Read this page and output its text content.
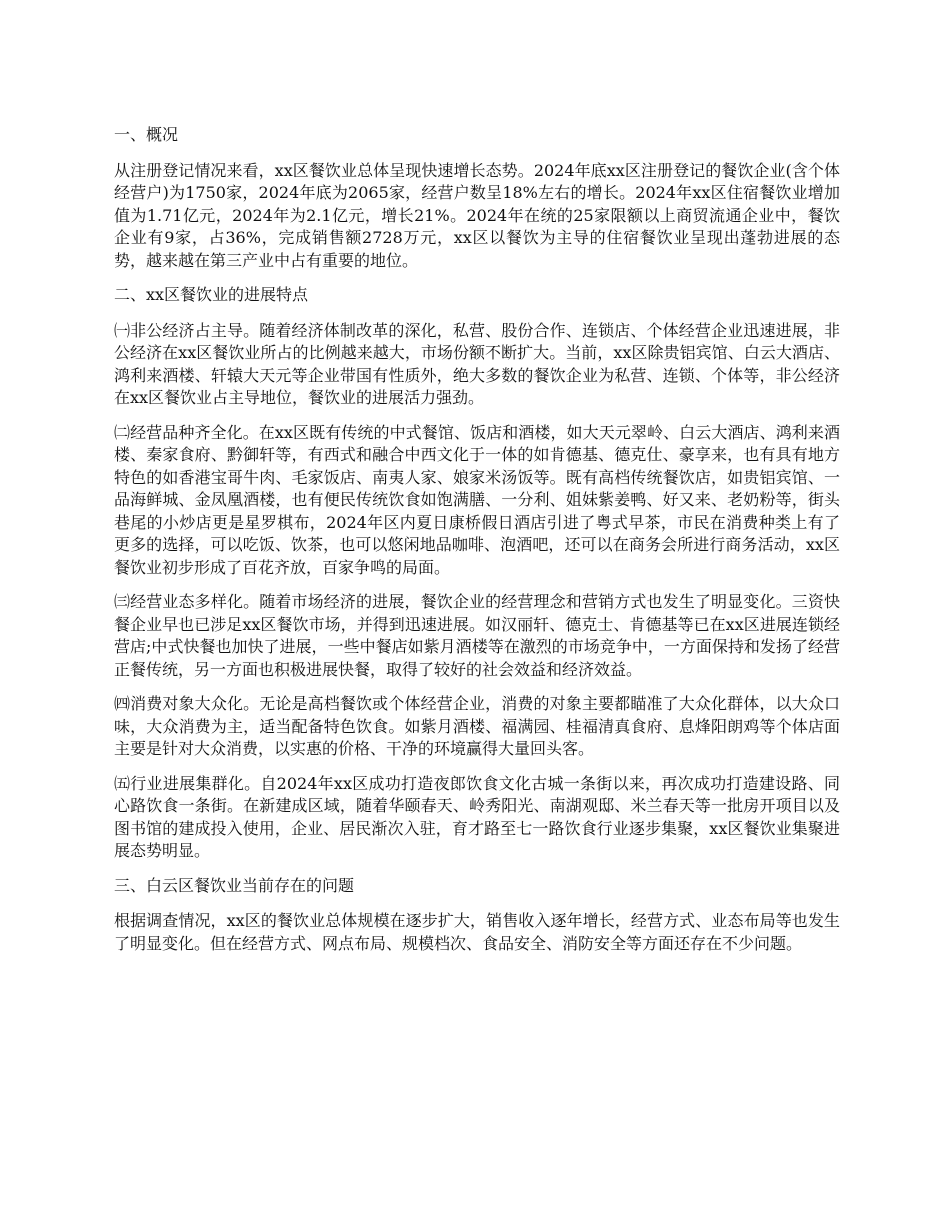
一、概况
从注册登记情况来看，xx区餐饮业总体呈现快速增长态势。2024年底xx区注册登记的餐饮企业(含个体经营户)为1750家，2024年底为2065家，经营户数呈18%左右的增长。2024年xx区住宿餐饮业增加值为1.71亿元，2024年为2.1亿元，增长21%。2024年在统的25家限额以上商贸流通企业中，餐饮企业有9家，占36%，完成销售额2728万元，xx区以餐饮为主导的住宿餐饮业呈现出蓬勃进展的态势，越来越在第三产业中占有重要的地位。
二、xx区餐饮业的进展特点
㈠非公经济占主导。随着经济体制改革的深化，私营、股份合作、连锁店、个体经营企业迅速进展，非公经济在xx区餐饮业所占的比例越来越大，市场份额不断扩大。当前，xx区除贵铝宾馆、白云大酒店、鸿利来酒楼、轩辕大天元等企业带国有性质外，绝大多数的餐饮企业为私营、连锁、个体等，非公经济在xx区餐饮业占主导地位，餐饮业的进展活力强劲。
㈡经营品种齐全化。在xx区既有传统的中式餐馆、饭店和酒楼，如大天元翠岭、白云大酒店、鸿利来酒楼、秦家食府、黔御轩等，有西式和融合中西文化于一体的如肯德基、德克仕、豪享来，也有具有地方特色的如香港宝哥牛肉、毛家饭店、南夷人家、娘家米汤饭等。既有高档传统餐饮店，如贵铝宾馆、一品海鲜城、金凤凰酒楼，也有便民传统饮食如饱满膳、一分利、姐妹紫姜鸭、好又来、老奶粉等，街头巷尾的小炒店更是星罗棋布，2024年区内夏日康桥假日酒店引进了粤式早茶，市民在消费种类上有了更多的选择，可以吃饭、饮茶，也可以悠闲地品咖啡、泡酒吧，还可以在商务会所进行商务活动，xx区餐饮业初步形成了百花齐放，百家争鸣的局面。
㈢经营业态多样化。随着市场经济的进展，餐饮企业的经营理念和营销方式也发生了明显变化。三资快餐企业早也已涉足xx区餐饮市场，并得到迅速进展。如汉丽轩、德克士、肯德基等已在xx区进展连锁经营店;中式快餐也加快了进展，一些中餐店如紫月酒楼等在激烈的市场竞争中，一方面保持和发扬了经营正餐传统，另一方面也积极进展快餐，取得了较好的社会效益和经济效益。
㈣消费对象大众化。无论是高档餐饮或个体经营企业，消费的对象主要都瞄准了大众化群体，以大众口味，大众消费为主，适当配备特色饮食。如紫月酒楼、福满园、桂福清真食府、息烽阳朗鸡等个体店面主要是针对大众消费，以实惠的价格、干净的环境赢得大量回头客。
㈤行业进展集群化。自2024年xx区成功打造夜郎饮食文化古城一条街以来，再次成功打造建设路、同心路饮食一条街。在新建成区域，随着华颐春天、岭秀阳光、南湖观邸、米兰春天等一批房开项目以及图书馆的建成投入使用，企业、居民渐次入驻，育才路至七一路饮食行业逐步集聚，xx区餐饮业集聚进展态势明显。
三、白云区餐饮业当前存在的问题
根据调查情况，xx区的餐饮业总体规模在逐步扩大，销售收入逐年增长，经营方式、业态布局等也发生了明显变化。但在经营方式、网点布局、规模档次、食品安全、消防安全等方面还存在不少问题。
